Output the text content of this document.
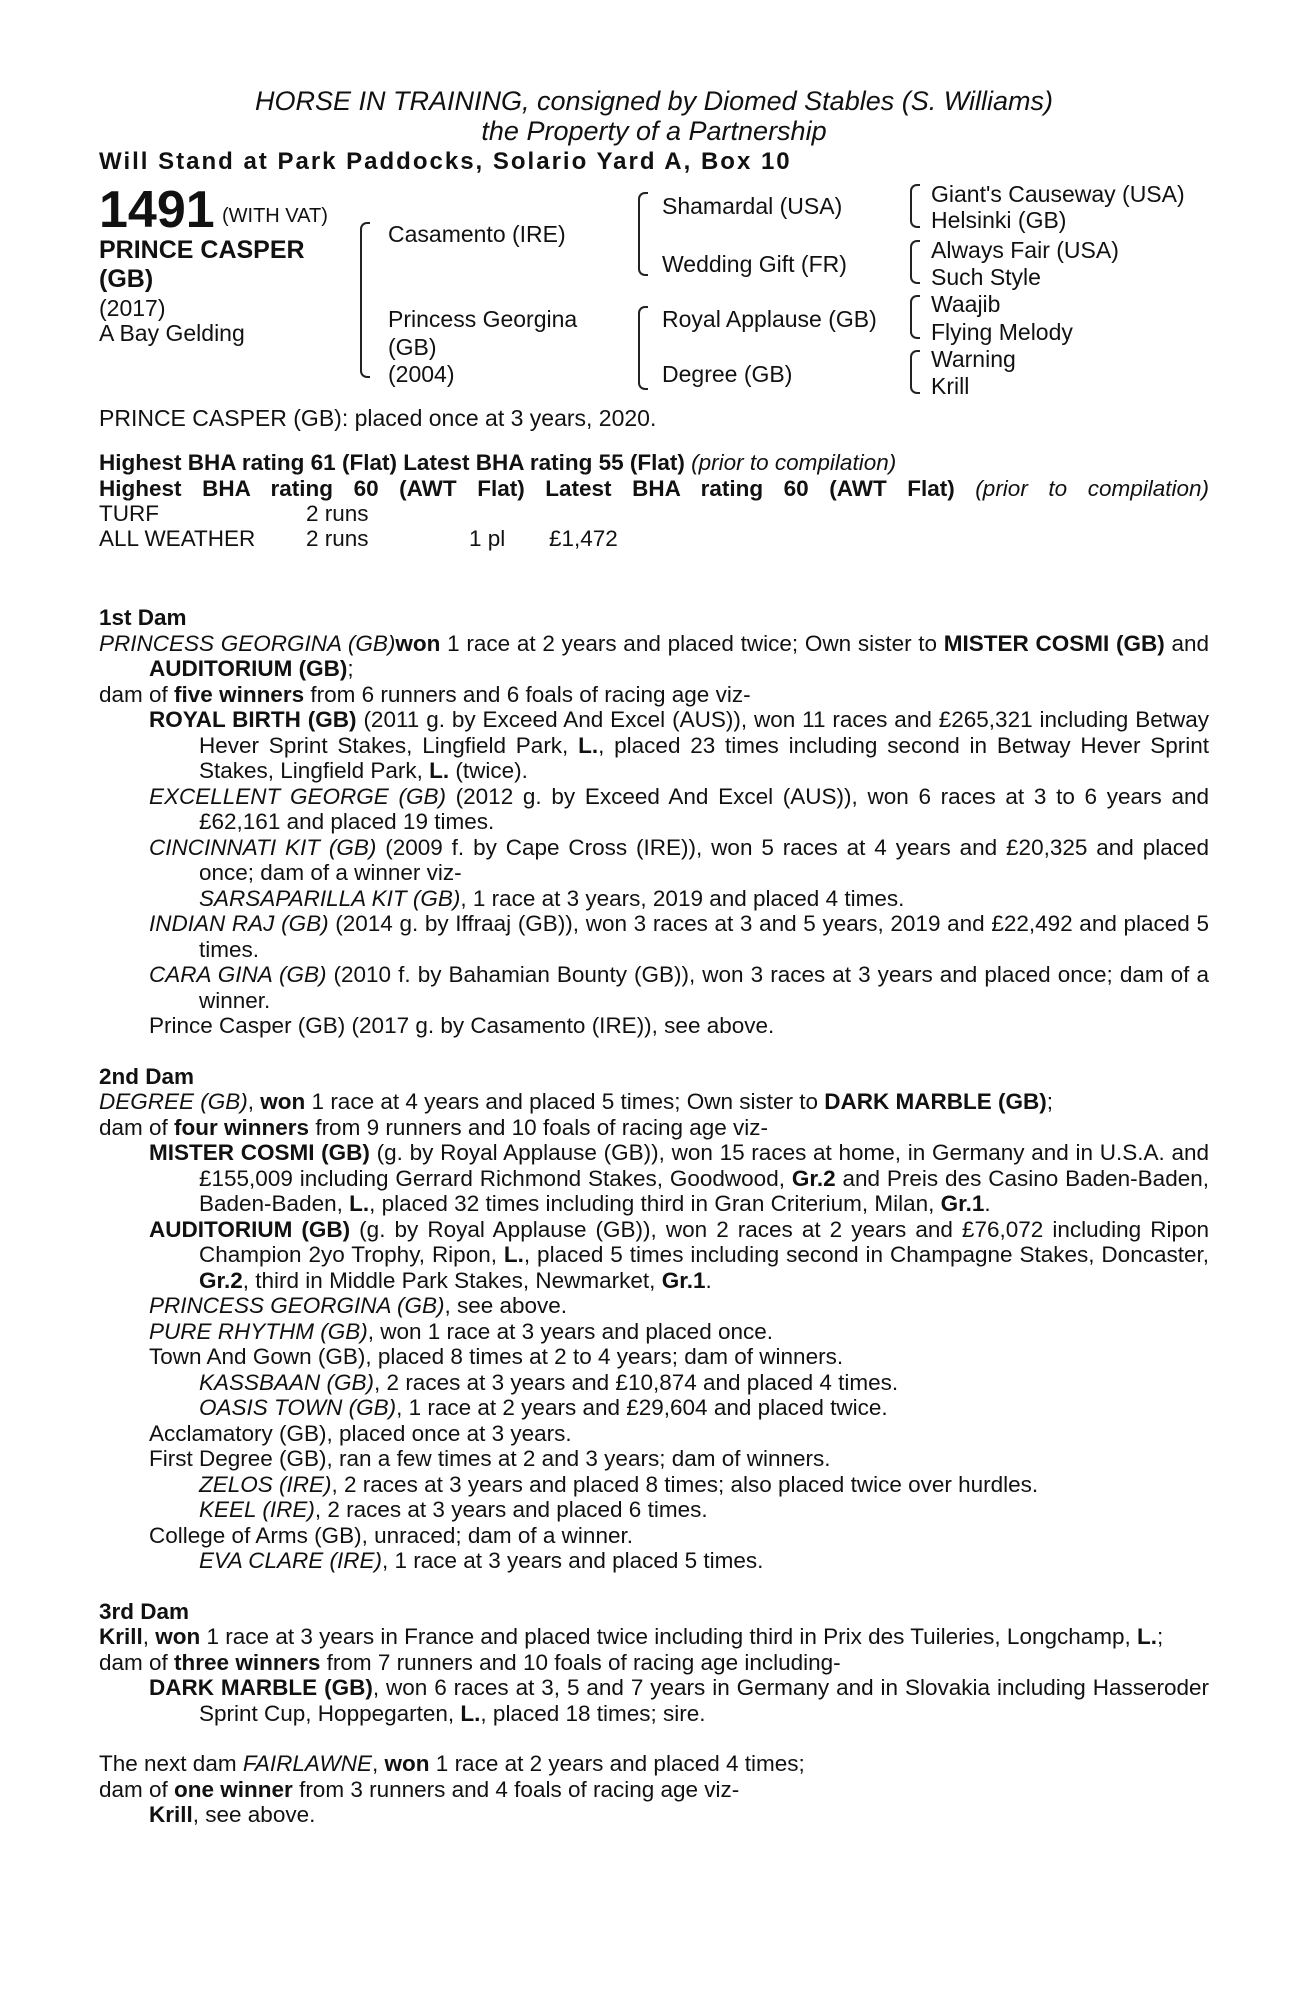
HORSE IN TRAINING, consigned by Diomed Stables (S. Williams)
the Property of a Partnership
Will Stand at Park Paddocks, Solario Yard A, Box 10
1491 (WITH VAT)
PRINCE CASPER
(GB)
(2017)
A Bay Gelding
Casamento (IRE)
Princess Georgina
(GB)
(2004)
Shamardal (USA)
Wedding Gift (FR)
Royal Applause (GB)
Degree (GB)
Giant's Causeway (USA)
Helsinki (GB)
Always Fair (USA)
Such Style
Waajib
Flying Melody
Warning
Krill
PRINCE CASPER (GB): placed once at 3 years, 2020.

Highest BHA rating 61 (Flat) Latest BHA rating 55 (Flat) (prior to compilation)

Highest BHA rating 60 (AWT Flat) Latest BHA rating 60 (AWT Flat) (prior to compilation)

TURF	2 runs
ALL WEATHER 2 runs	1 pl £1,472

1st Dam

PRINCESS GEORGINA (GB)won 1 race at 2 years and placed twice; Own sister to MISTER COSMI (GB) and AUDITORIUM (GB);

dam of five winners from 6 runners and 6 foals of racing age viz-

ROYAL BIRTH (GB) (2011 g. by Exceed And Excel (AUS)), won 11 races and £265,321 including Betway Hever Sprint Stakes, Lingfield Park, L., placed 23 times including second in Betway Hever Sprint Stakes, Lingfield Park, L. (twice).

EXCELLENT GEORGE (GB) (2012 g. by Exceed And Excel (AUS)), won 6 races at 3 to 6 years and £62,161 and placed 19 times.

CINCINNATI KIT (GB) (2009 f. by Cape Cross (IRE)), won 5 races at 4 years and £20,325 and placed once; dam of a winner viz-

SARSAPARILLA KIT (GB), 1 race at 3 years, 2019 and placed 4 times.

INDIAN RAJ (GB) (2014 g. by Iffraaj (GB)), won 3 races at 3 and 5 years, 2019 and £22,492 and placed 5 times.

CARA GINA (GB) (2010 f. by Bahamian Bounty (GB)), won 3 races at 3 years and placed once; dam of a winner.

Prince Casper (GB) (2017 g. by Casamento (IRE)), see above.

2nd Dam

DEGREE (GB), won 1 race at 4 years and placed 5 times; Own sister to DARK MARBLE (GB);

dam of four winners from 9 runners and 10 foals of racing age viz-

MISTER COSMI (GB) (g. by Royal Applause (GB)), won 15 races at home, in Germany and in U.S.A. and £155,009 including Gerrard Richmond Stakes, Goodwood, Gr.2 and Preis des Casino Baden-Baden, Baden-Baden, L., placed 32 times including third in Gran Criterium, Milan, Gr.1.

AUDITORIUM (GB) (g. by Royal Applause (GB)), won 2 races at 2 years and £76,072 including Ripon Champion 2yo Trophy, Ripon, L., placed 5 times including second in Champagne Stakes, Doncaster, Gr.2, third in Middle Park Stakes, Newmarket, Gr.1.

PRINCESS GEORGINA (GB), see above.

PURE RHYTHM (GB), won 1 race at 3 years and placed once.

Town And Gown (GB), placed 8 times at 2 to 4 years; dam of winners.

KASSBAAN (GB), 2 races at 3 years and £10,874 and placed 4 times.

OASIS TOWN (GB), 1 race at 2 years and £29,604 and placed twice.

Acclamatory (GB), placed once at 3 years.

First Degree (GB), ran a few times at 2 and 3 years; dam of winners.

ZELOS (IRE), 2 races at 3 years and placed 8 times; also placed twice over hurdles.

KEEL (IRE), 2 races at 3 years and placed 6 times.

College of Arms (GB), unraced; dam of a winner.

EVA CLARE (IRE), 1 race at 3 years and placed 5 times.

3rd Dam

Krill, won 1 race at 3 years in France and placed twice including third in Prix des Tuileries, Longchamp, L.;

dam of three winners from 7 runners and 10 foals of racing age including-

DARK MARBLE (GB), won 6 races at 3, 5 and 7 years in Germany and in Slovakia including Hasseroder Sprint Cup, Hoppegarten, L., placed 18 times; sire.

The next dam FAIRLAWNE, won 1 race at 2 years and placed 4 times;

dam of one winner from 3 runners and 4 foals of racing age viz-

Krill, see above.
